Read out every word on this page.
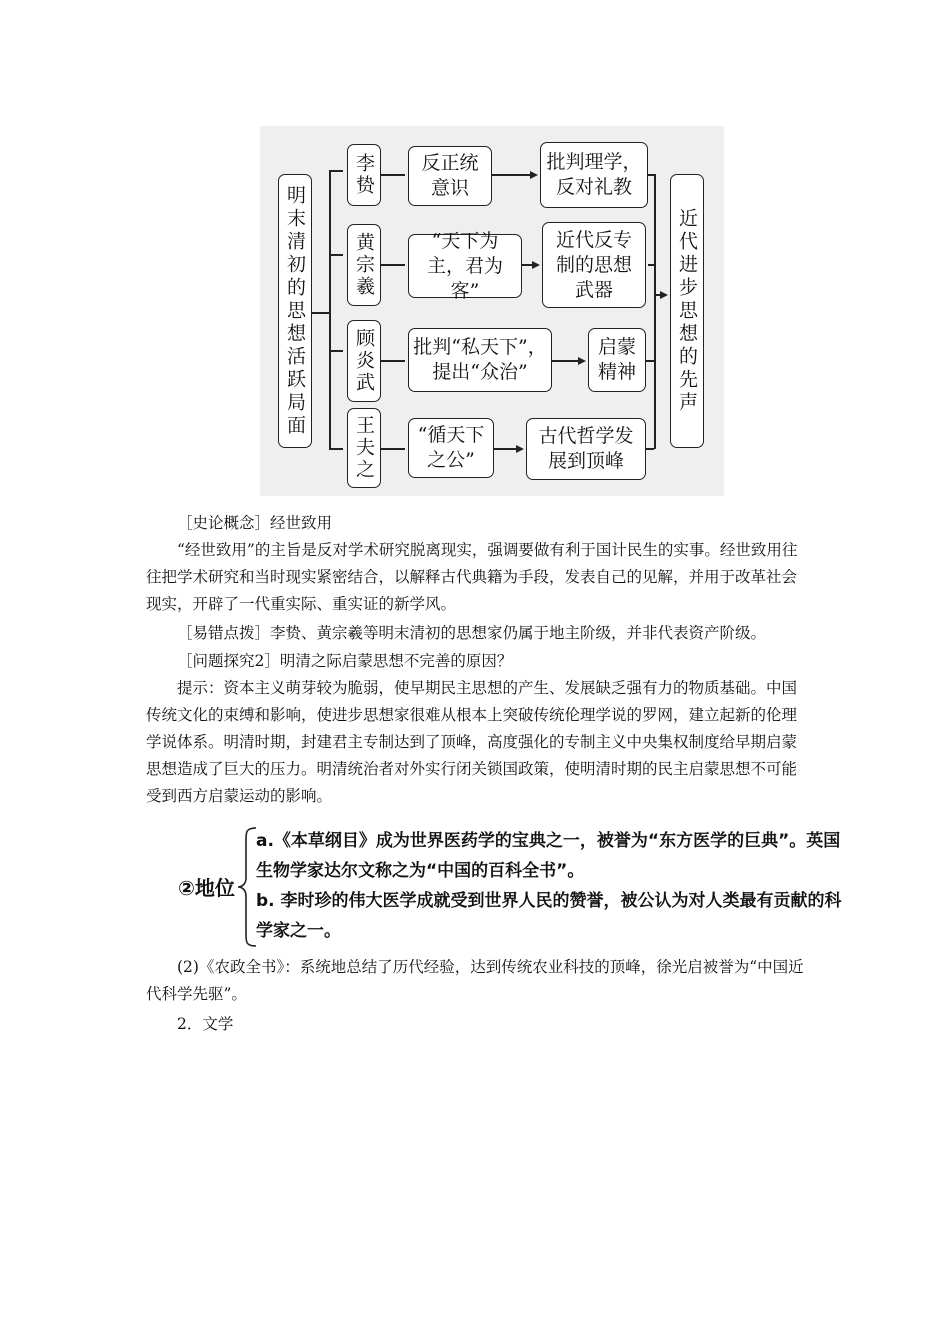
明末清初的思想活跃局面
李贽	反正统意识
批判理学，反对礼教
黄宗羲	“天下为主，君为客”
近代反专制的思想武器
顾炎武	批判“私天下”，提出“众治”
启蒙精神
王夫之	“循天下之公”
古代哲学发展到顶峰
近代进步思想的先声
［史论概念］经世致用
“经世致用”的主旨是反对学术研究脱离现实，强调要做有利于国计民生的实事。经世致用往往把学术研究和当时现实紧密结合，以解释古代典籍为手段，发表自己的见解，并用于改革社会现实，开辟了一代重实际、重实证的新学风。
［易错点拨］李贽、黄宗羲等明末清初的思想家仍属于地主阶级，并非代表资产阶级。
［问题探究2］明清之际启蒙思想不完善的原因？
提示：资本主义萌芽较为脆弱，使早期民主思想的产生、发展缺乏强有力的物质基础。中国传统文化的束缚和影响，使进步思想家很难从根本上突破传统伦理学说的罗网，建立起新的伦理学说体系。明清时期，封建君主专制达到了顶峰，高度强化的专制主义中央集权制度给早期启蒙思想造成了巨大的压力。明清统治者对外实行闭关锁国政策，使明清时期的民主启蒙思想不可能受到西方启蒙运动的影响。
②地位
a.《本草纲目》成为世界医药学的宝典之一，被誉为“东方医学的巨典”。英国生物学家达尔文称之为“中国的百科全书”。
b. 李时珍的伟大医学成就受到世界人民的赞誉，被公认为对人类最有贡献的科学家之一。
(2)《农政全书》：系统地总结了历代经验，达到传统农业科技的顶峰，徐光启被誉为“中国近代科学先驱”。
2．文学
